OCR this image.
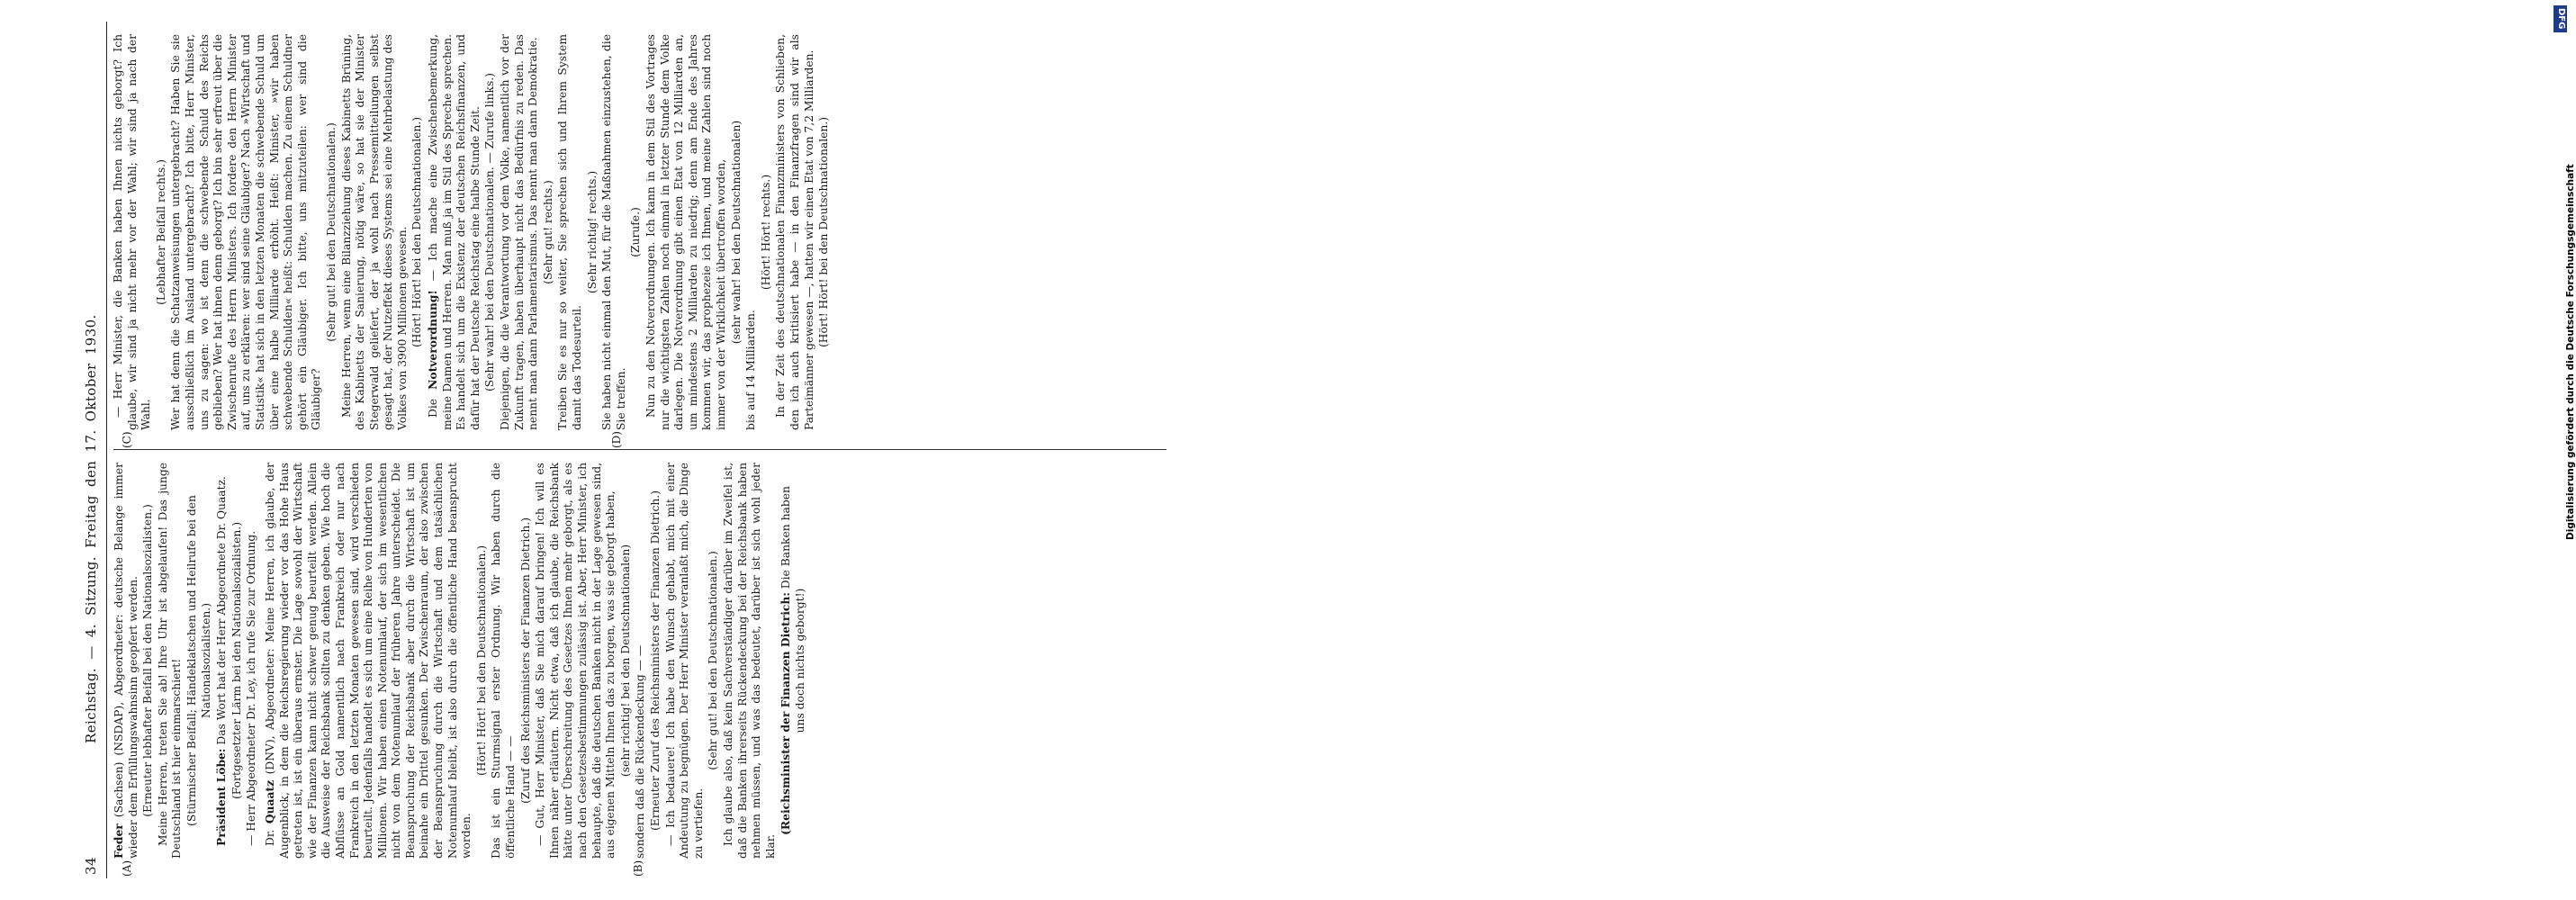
34
Reichstag. — 4. Sitzung. Freitag den 17. Oktober 1930.
(A)	(B)
(C)	(D)

Feder (Sachsen) (NSDAP), Abgeordneter: deutsche Belange immer wieder dem Erfüllungswahnsinn geopfert werden. (Erneuter lebhafter Beifall bei den Nationalsozialisten.) Meine Herren, treten Sie ab! Ihre Uhr ist abgelaufen! Das junge Deutschland ist hier einmarschiert! (Stürmischer Beifall; Händeklatschen und Heilrufe bei den Nationalsozialisten.)

Präsident Löbe: Das Wort hat der Herr Abgeordnete Dr. Quaatz. (Fortgesetzter Lärm bei den Nationalsozialisten.) — Herr Abgeordneter Dr. Ley, ich rufe Sie zur Ordnung. Dr. Quaatz (DNV), Abgeordneter: Meine Herren, ich glaube, der Augenblick, in dem die Reichsregierung wieder vor das Hohe Haus getreten ist, ist ein überaus ernster. Die Lage sowohl der Wirtschaft wie der Finanzen kann nicht schwer genug beurteilt werden. Allein die Ausweise der Reichsbank sollten zu denken geben. Wie hoch die Abflüsse an Gold namentlich nach Frankreich oder nur nach Frankreich in den letzten Monaten gewesen sind, wird verschieden beurteilt. Jedenfalls handelt es sich um eine Reihe von Hunderten von Millionen. Wir haben einen Notenumlauf, der sich im wesentlichen nicht von dem Notenumlauf der früheren Jahre unterscheidet. Die Beanspruchung der Reichsbank aber durch die Wirtschaft ist um beinahe ein Drittel gesunken. Der Zwischenraum, der also zwischen der Beanspruchung durch die Wirtschaft und dem tatsächlichen Notenumlauf bleibt, ist also durch die öffentliche Hand beansprucht worden.

(Hört! Hört! bei den Deutschnationalen.) Das ist ein Sturmsignal erster Ordnung. Wir haben durch die öffentliche Hand — — (Zuruf des Reichsministers der Finanzen Dietrich.) — Gut, Herr Minister, daß Sie mich darauf bringen! Ich will es Ihnen näher erläutern. Nicht etwa, daß ich glaube, die Reichsbank hätte unter Überschreitung des Gesetzes Ihnen mehr geborgt, als es nach den Gesetzesbestimmungen zulässig ist. Aber, Herr Minister, ich behaupte, daß die deutschen Banken nicht in der Lage gewesen sind, aus eigenen Mitteln Ihnen das zu borgen, was sie geborgt haben, (sehr richtig! bei den Deutschnationalen) sondern daß die Rückendeckung — — (Erneuter Zuruf des Reichsministers der Finanzen Dietrich.) — Ich bedauere! Ich habe den Wunsch gehabt, mich mit einer Andeutung zu begnügen. Der Herr Minister veranlaßt mich, die Dinge zu vertiefen.

(Sehr gut! bei den Deutschnationalen.) Ich glaube also, daß kein Sachverständiger darüber im Zweifel ist, daß die Banken ihrerseits Rückendeckung bei der Reichsbank haben nehmen müssen, und was das bedeutet, darüber ist sich wohl jeder klar.

(Reichsminister der Finanzen Dietrich: Die Banken haben uns doch nichts geborgt!)

— Herr Minister, die Banken haben Ihnen nichts geborgt? Ich glaube, wir sind ja nicht mehr vor der Wahl; wir sind ja nach der Wahl.

(Lebhafter Beifall rechts.) Wer hat denn die Schatzanweisungen untergebracht? Haben Sie sie ausschließlich im Ausland untergebracht? Ich bitte, Herr Minister, uns zu sagen: wo ist denn die schwebende Schuld des Reichs geblieben? Wer hat ihnen denn geborgt? Ich bin sehr erfreut über die Zwischenrufe des Herrn Ministers. Ich fordere den Herrn Minister auf, uns zu erklären: wer sind seine Gläubiger? Nach »Wirtschaft und Statistik« hat sich in den letzten Monaten die schwebende Schuld um über eine halbe Milliarde erhöht. Heißt: Minister, »wir haben schwebende Schulden« heißt: Schulden machen. Zu einem Schuldner gehört ein Gläubiger. Ich bitte, uns mitzuteilen: wer sind die Gläubiger?

(Sehr gut! bei den Deutschnationalen.) Meine Herren, wenn eine Bilanzziehung dieses Kabinetts Brüning, des Kabinetts der Sanierung, nötig wäre, so hat sie der Minister Stegerwald geliefert, der ja wohl nach Pressemitteilungen selbst gesagt hat, der Nutzeffekt dieses Systems sei eine Mehrbelastung des Volkes von 3900 Millionen gewesen. (Hört! Hört! bei den Deutschnationalen.)

Die Notverordnung! — Ich mache eine Zwischenbemerkung, meine Damen und Herren. Man muß ja im Stil des Spreche sprechen. Es handelt sich um die Existenz der deutschen Reichsfinanzen, und dafür hat der Deutsche Reichstag eine halbe Stunde Zeit. (Sehr wahr! bei den Deutschnationalen. — Zurufe links.) Diejenigen, die die Verantwortung vor dem Volke, namentlich vor der Zukunft tragen, haben überhaupt nicht das Bedürfnis zu reden. Das nennt man dann Parlamentarismus. Das nennt man dann Demokratie. (Sehr gut! rechts.) Treiben Sie es nur so weiter, Sie sprechen sich und Ihrem System damit das Todesurteil.

(Sehr richtig! rechts.) Sie haben nicht einmal den Mut, für die Maßnahmen einzustehen, die Sie treffen.

(Zurufe.) Nun zu den Notverordnungen. Ich kann in dem Stil des Vortrages nur die wichtigsten Zahlen noch einmal in letzter Stunde dem Volke darlegen. Die Notverordnung gibt einen Etat von 12 Milliarden an, um mindestens 2 Milliarden zu niedrig; denn am Ende des Jahres kommen wir, das prophezeie ich Ihnen, und meine Zahlen sind noch immer von der Wirklichkeit übertroffen worden, (sehr wahr! bei den Deutschnationalen)

bis auf 14 Milliarden.

(Hört! Hört! rechts.) In der Zeit des deutschnationalen Finanzministers von Schlieben, den ich auch kritisiert habe — in den Finanzfragen sind wir als Parteimänner gewesen —, hatten wir einen Etat von 7,2 Milliarden. (Hört! Hört! bei den Deutschnationalen.)

DFG
Digitalisierung gefördert durch die Deutsche Forschungsgemeinschaft
